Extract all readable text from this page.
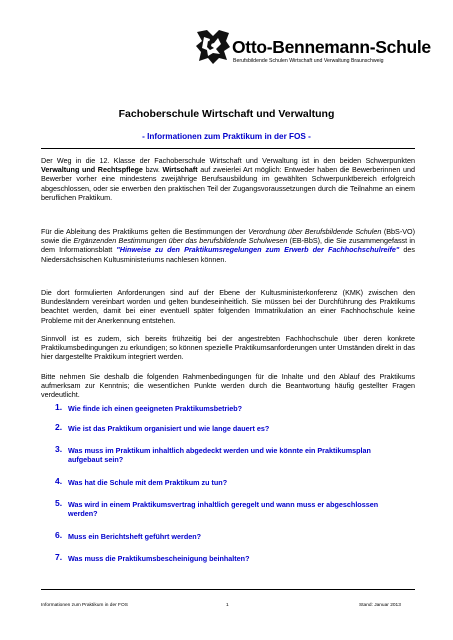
Otto-Bennemann-Schule
Berufsbildende Schulen Wirtschaft und Verwaltung Braunschweig
Fachoberschule Wirtschaft und Verwaltung
- Informationen zum Praktikum in der FOS -
Der Weg in die 12. Klasse der Fachoberschule Wirtschaft und Verwaltung ist in den beiden Schwerpunkten Verwaltung und Rechtspflege bzw. Wirtschaft auf zweierlei Art möglich: Entweder haben die Bewerberinnen und Bewerber vorher eine mindestens zweijährige Berufsausbildung im gewählten Schwerpunktbereich erfolgreich abgeschlossen, oder sie erwerben den praktischen Teil der Zugangsvoraussetzungen durch die Teilnahme an einem beruflichen Praktikum.
Für die Ableitung des Praktikums gelten die Bestimmungen der Verordnung über Berufsbildende Schulen (BbS-VO) sowie die Ergänzenden Bestimmungen über das berufsbildende Schulwesen (EB-BbS), die Sie zusammengefasst in dem Informationsblatt "Hinweise zu den Praktikumsregelungen zum Erwerb der Fachhochschulreife" des Niedersächsischen Kultusministeriums nachlesen können.
Die dort formulierten Anforderungen sind auf der Ebene der Kultusministerkonferenz (KMK) zwischen den Bundesländern vereinbart worden und gelten bundeseinheitlich. Sie müssen bei der Durchführung des Praktikums beachtet werden, damit bei einer eventuell später folgenden Immatrikulation an einer Fachhochschule keine Probleme mit der Anerkennung entstehen.
Sinnvoll ist es zudem, sich bereits frühzeitig bei der angestrebten Fachhochschule über deren konkrete Praktikumsbedingungen zu erkundigen; so können spezielle Praktikumsanforderungen unter Umständen direkt in das hier dargestellte Praktikum integriert werden.
Bitte nehmen Sie deshalb die folgenden Rahmenbedingungen für die Inhalte und den Ablauf des Praktikums aufmerksam zur Kenntnis; die wesentlichen Punkte werden durch die Beantwortung häufig gestellter Fragen verdeutlicht.
1. Wie finde ich einen geeigneten Praktikumsbetrieb?
2. Wie ist das Praktikum organisiert und wie lange dauert es?
3. Was muss im Praktikum inhaltlich abgedeckt werden und wie könnte ein Praktikumsplan aufgebaut sein?
4. Was hat die Schule mit dem Praktikum zu tun?
5. Was wird in einem Praktikumsvertrag inhaltlich geregelt und wann muss er abgeschlossen werden?
6. Muss ein Berichtsheft geführt werden?
7. Was muss die Praktikumsbescheinigung beinhalten?
Informationen zum Praktikum in der FOS	1	Stand: Januar 2013
